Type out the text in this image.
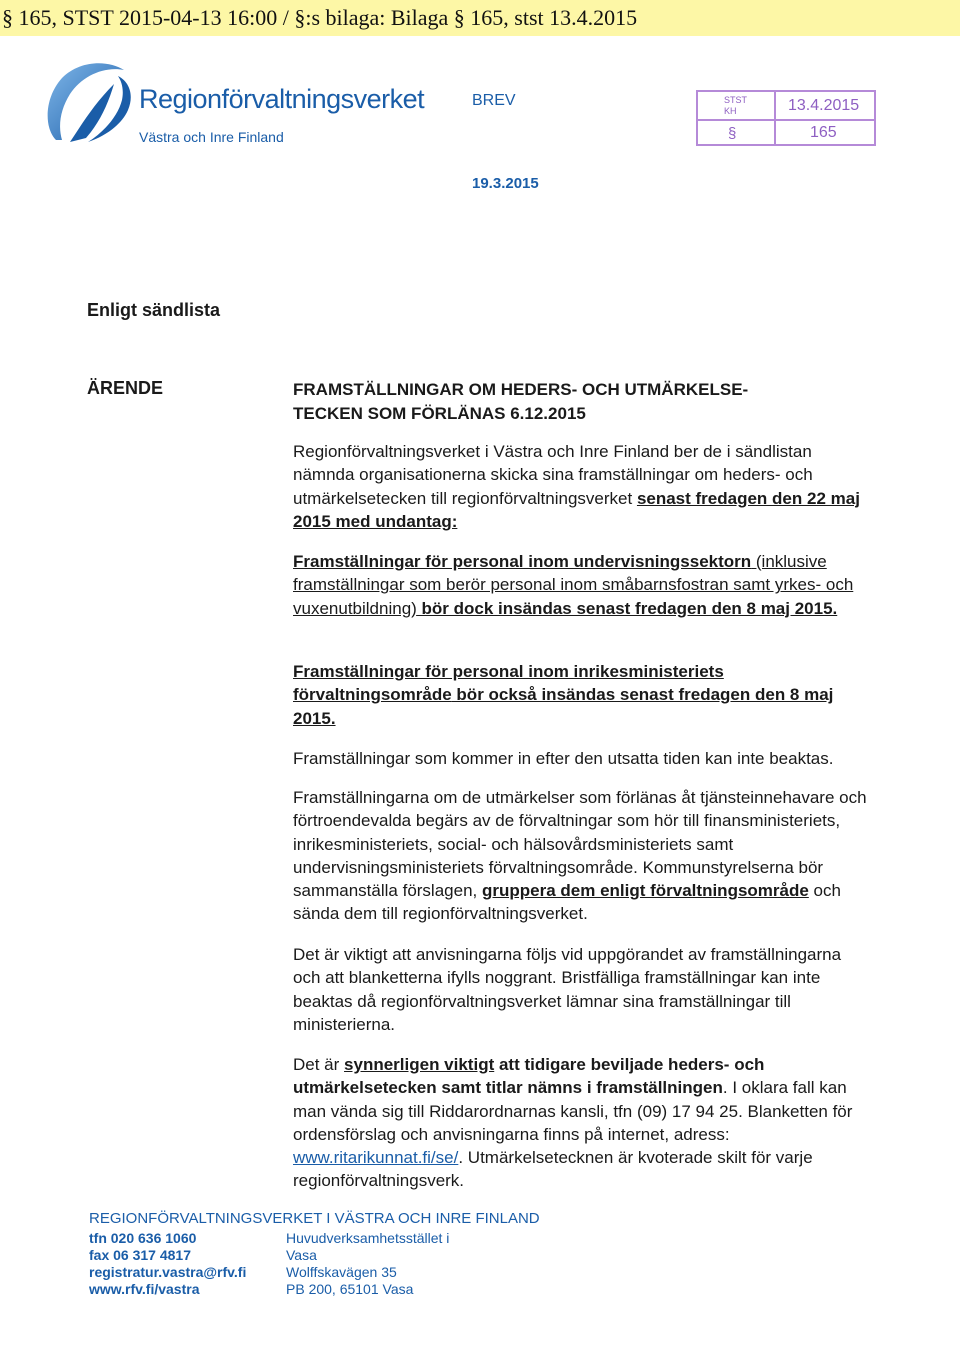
§ 165, STST 2015-04-13 16:00 / §:s bilaga: Bilaga § 165, stst 13.4.2015
Regionförvaltningsverket
Västra och Inre Finland
BREV
19.3.2015
STST
KH
§
13.4.2015
165
Enligt sändlista
ÄRENDE	FRAMSTÄLLNINGAR OM HEDERS- OCH UTMÄRKELSE-
TECKEN SOM FÖRLÄNAS 6.12.2015

Regionförvaltningsverket i Västra och Inre Finland ber de i sändlistan nämnda organisationerna skicka sina framställningar om heders- och utmärkelsetecken till regionförvaltningsverket senast fredagen den 22 maj 2015 med undantag:

Framställningar för personal inom undervisningssektorn (inklusive framställningar som berör personal inom småbarnsfostran samt yrkes- och vuxenutbildning) bör dock insändas senast fredagen den 8 maj 2015.

Framställningar för personal inom inrikesministeriets förvaltningsområde bör också insändas senast fredagen den 8 maj 2015.

Framställningar som kommer in efter den utsatta tiden kan inte beaktas.

Framställningarna om de utmärkelser som förlänas åt tjänsteinnehavare och förtroendevalda begärs av de förvaltningar som hör till finansministeriets, inrikesministeriets, social- och hälsovårdsministeriets samt undervisningsministeriets förvaltningsområde. Kommunstyrelserna bör sammanställa förslagen, gruppera dem enligt förvaltningsområde och sända dem till regionförvaltningsverket.

Det är viktigt att anvisningarna följs vid uppgörandet av framställningarna och att blanketterna ifylls noggrant. Bristfälliga framställningar kan inte beaktas då regionförvaltningsverket lämnar sina framställningar till ministerierna.

Det är synnerligen viktigt att tidigare beviljade heders- och utmärkelsetecken samt titlar nämns i framställningen. I oklara fall kan man vända sig till Riddarordnarnas kansli, tfn (09) 17 94 25. Blanketten för ordensförslag och anvisningarna finns på internet, adress: www.ritarikunnat.fi/se/. Utmärkelsetecknen är kvoterade skilt för varje regionförvaltningsverk.

REGIONFÖRVALTNINGSVERKET I VÄSTRA OCH INRE FINLAND
tfn 020 636 1060
fax 06 317 4817
registratur.vastra@rfv.fi
www.rfv.fi/vastra
Huvudverksamhetsstället i
Vasa
Wolffskavägen 35
PB 200, 65101 Vasa
